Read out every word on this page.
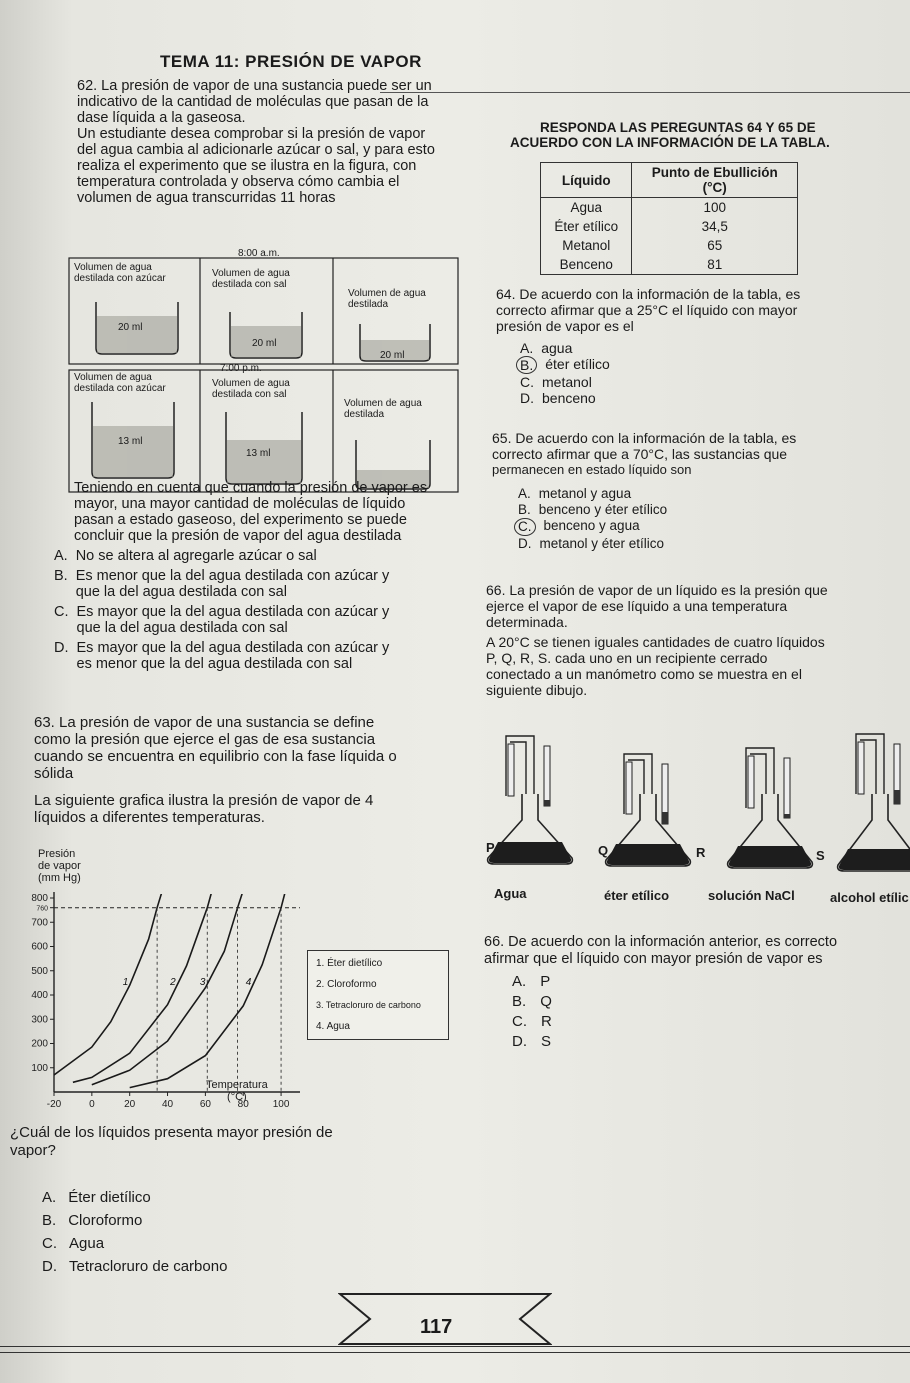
TEMA 11: PRESIÓN DE VAPOR
62. La presión de vapor de una sustancia puede ser un
indicativo de la cantidad de moléculas que pasan de la
dase líquida a la gaseosa.
Un estudiante desea comprobar si la presión de vapor
del agua cambia al adicionarle azúcar o sal, y para esto
realiza el experimento que se ilustra en la figura, con
temperatura controlada y observa cómo cambia el
volumen de agua transcurridas 11 horas
8:00 a.m.
Volumen de agua destilada con azúcar	Volumen de agua destilada con sal
Volumen de agua destilada
20 ml
20 ml
20 ml
7:00 p.m.
Volumen de agua destilada con azúcar	Volumen de agua destilada con sal
Volumen de agua destilada
13 ml
13 ml
Teniendo en cuenta que cuando la presión de vapor es
mayor, una mayor cantidad de moléculas de líquido
pasan a estado gaseoso, del experimento se puede
concluir que la presión de vapor del agua destilada
A. No se altera al agregarle azúcar o sal
B. Es menor que la del agua destilada con azúcar y
que la del agua destilada con sal
C. Es mayor que la del agua destilada con azúcar y
que la del agua destilada con sal
D. Es mayor que la del agua destilada con azúcar y
es menor que la del agua destilada con sal
63. La presión de vapor de una sustancia se define
como la presión que ejerce el gas de esa sustancia
cuando se encuentra en equilibrio con la fase líquida o
sólida
La siguiente grafica ilustra la presión de vapor de 4
líquidos a diferentes temperaturas.
Presión
de vapor
(mm Hg)
800
760
700
600
500
400
300
200
100
-20	0	20	40	60	80 100
1	2 3	4
Temperatura
(°C)
1. Éter dietílico
2. Cloroformo
3. Tetracloruro de carbono
4. Agua
¿Cuál de los líquidos presenta mayor presión de
vapor?
A. Éter dietílico
B. Cloroformo
C. Agua
D. Tetracloruro de carbono
RESPONDA LAS PEREGUNTAS 64 Y 65 DE
ACUERDO CON LA INFORMACIÓN DE LA TABLA.
Líquido	Punto de Ebullición
(°C)
Agua	100
Éter etílico	34,5
Metanol	65
Benceno	81
64. De acuerdo con la información de la tabla, es
correcto afirmar que a 25°C el líquido con mayor
presión de vapor es el
A. agua
B. éter etílico
C. metanol
D. benceno
65. De acuerdo con la información de la tabla, es
correcto afirmar que a 70°C, las sustancias que
permanecen en estado líquido son
A. metanol y agua
B. benceno y éter etílico
C. benceno y agua
D. metanol y éter etílico
66. La presión de vapor de un líquido es la presión que
ejerce el vapor de ese líquido a una temperatura
determinada.
A 20°C se tienen iguales cantidades de cuatro líquidos
P, Q, R, S. cada uno en un recipiente cerrado
conectado a un manómetro como se muestra en el
siguiente dibujo.
P	Q	R	S
Agua	éter etílico	solución NaCl	alcohol etílic
66. De acuerdo con la información anterior, es correcto
afirmar que el líquido con mayor presión de vapor es
A. P
B. Q
C. R
D. S
117
